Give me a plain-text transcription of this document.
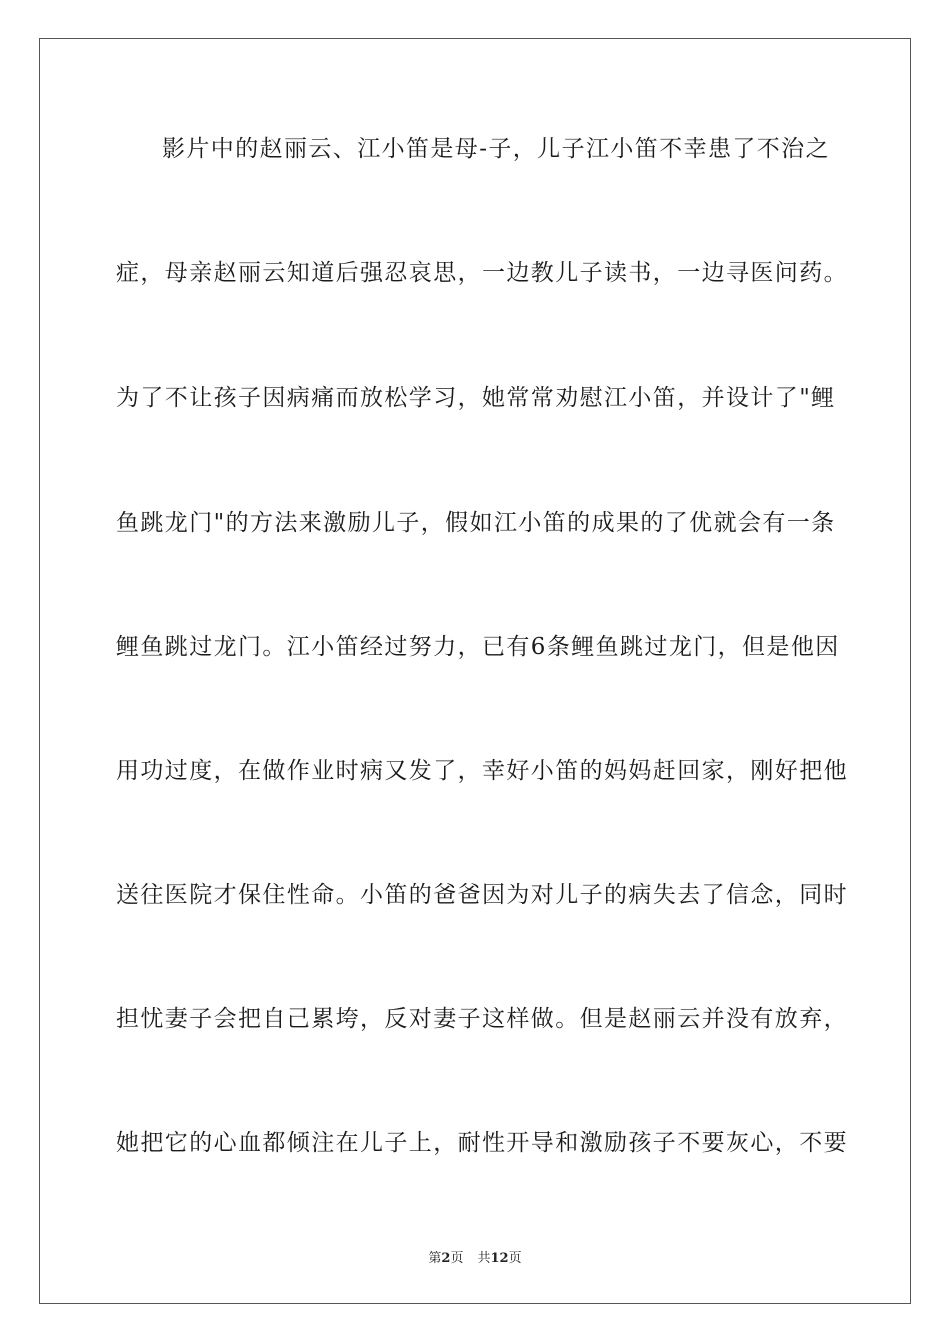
影片中的赵丽云、江小笛是母-子，儿子江小笛不幸患了不治之
症，母亲赵丽云知道后强忍哀思，一边教儿子读书，一边寻医问药。
为了不让孩子因病痛而放松学习，她常常劝慰江小笛，并设计了"鲤
鱼跳龙门"的方法来激励儿子，假如江小笛的成果的了优就会有一条
鲤鱼跳过龙门。江小笛经过努力，已有6条鲤鱼跳过龙门，但是他因
用功过度，在做作业时病又发了，幸好小笛的妈妈赶回家，刚好把他
送往医院才保住性命。小笛的爸爸因为对儿子的病失去了信念，同时
担忧妻子会把自己累垮，反对妻子这样做。但是赵丽云并没有放弃，
她把它的心血都倾注在儿子上，耐性开导和激励孩子不要灰心，不要
第2页 共12页
